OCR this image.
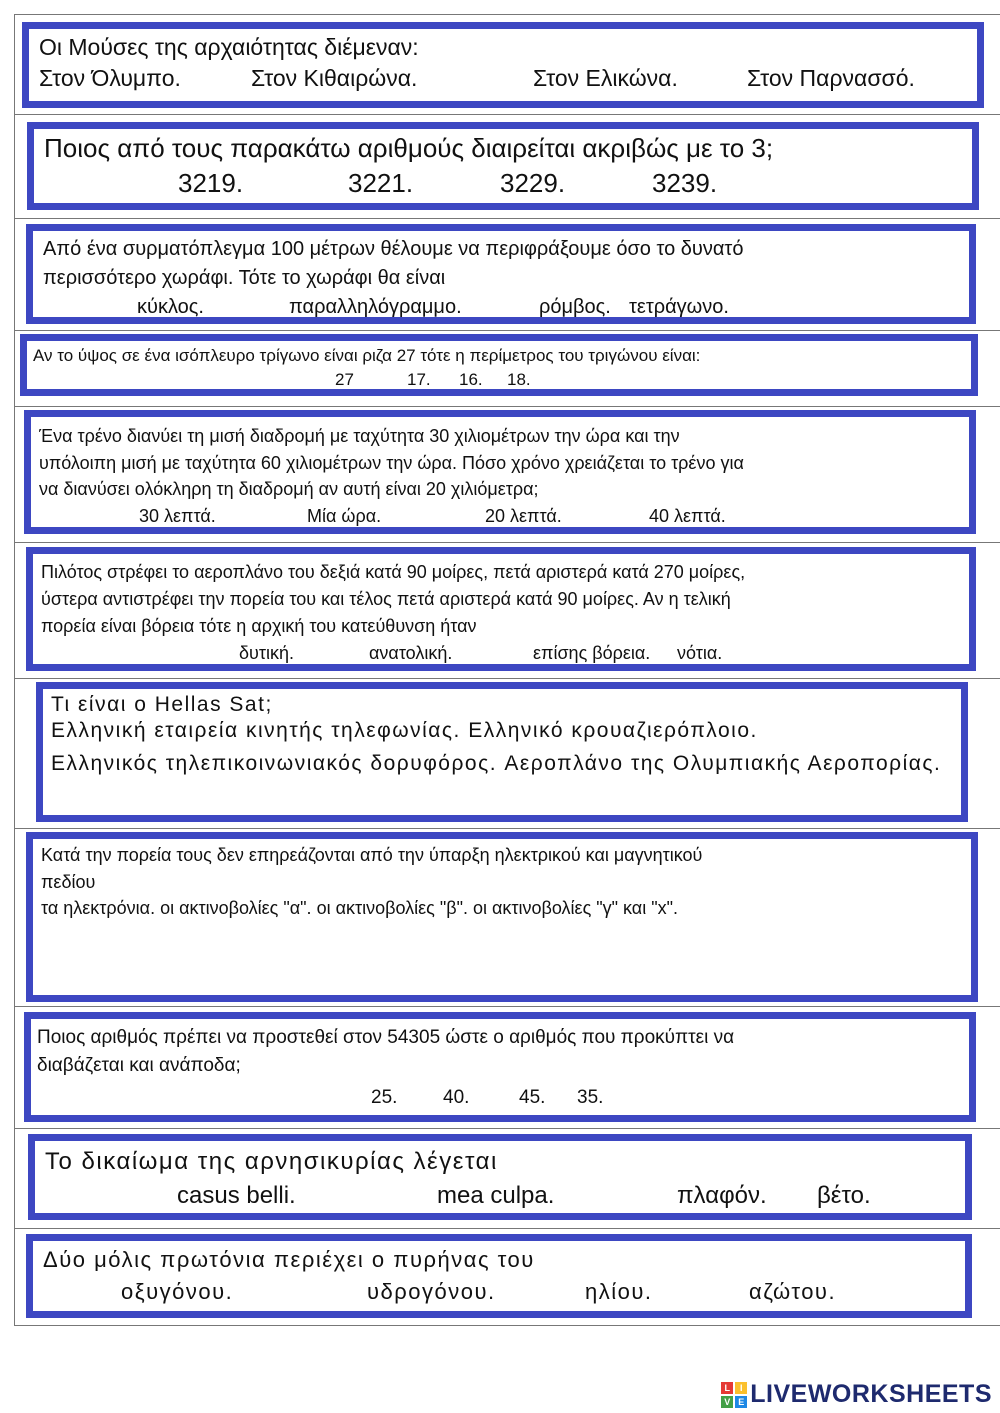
Οι Μούσες της αρχαιότητας διέμεναν:
Στον Όλυμπο.	Στον Κιθαιρώνα.	Στον Ελικώνα.	Στον Παρνασσό.
Ποιος από τους παρακάτω αριθμούς διαιρείται ακριβώς με το 3;
3219.	3221.	3229.	3239.
Από ένα συρματόπλεγμα 100 μέτρων θέλουμε να περιφράξουμε όσο το δυνατό
περισσότερο χωράφι. Τότε το χωράφι θα είναι
κύκλος.	παραλληλόγραμμο.	ρόμβος. τετράγωνο.
Αν το ύψος σε ένα ισόπλευρο τρίγωνο είναι ριζα 27 τότε η περίμετρος του τριγώνου είναι:
27	17.	16.	18.
Ένα τρένο διανύει τη μισή διαδρομή με ταχύτητα 30 χιλιομέτρων την ώρα και την
υπόλοιπη μισή με ταχύτητα 60 χιλιομέτρων την ώρα. Πόσο χρόνο χρειάζεται το τρένο για
να διανύσει ολόκληρη τη διαδρομή αν αυτή είναι 20 χιλιόμετρα;
30 λεπτά.	Μία ώρα.	20 λεπτά.	40 λεπτά.
Πιλότος στρέφει το αεροπλάνο του δεξιά κατά 90 μοίρες, πετά αριστερά κατά 270 μοίρες,
ύστερα αντιστρέφει την πορεία του και τέλος πετά αριστερά κατά 90 μοίρες. Αν η τελική
πορεία είναι βόρεια τότε η αρχική του κατεύθυνση ήταν
δυτική.	ανατολική.	επίσης βόρεια.	νότια.
Τι είναι ο Hellas Sat;
Ελληνική εταιρεία κινητής τηλεφωνίας. Ελληνικό κρουαζιερόπλοιο. Ελληνικός τηλεπικοινωνιακός δορυφόρος. Αεροπλάνο της Ολυμπιακής Αεροπορίας.
Κατά την πορεία τους δεν επηρεάζονται από την ύπαρξη ηλεκτρικού και μαγνητικού
πεδίου
τα ηλεκτρόνια. οι ακτινοβολίες "α". οι ακτινοβολίες "β". οι ακτινοβολίες "γ" και "x".
Ποιος αριθμός πρέπει να προστεθεί στον 54305 ώστε ο αριθμός που προκύπτει να
διαβάζεται και ανάποδα;
25.	40.	45.	35.
Το δικαίωμα της αρνησικυρίας λέγεται
casus belli.	mea culpa.	πλαφόν.	βέτο.
Δύο μόλις πρωτόνια περιέχει ο πυρήνας του
οξυγόνου.	υδρογόνου.	ηλίου.	αζώτου.
L	I
V E LIVEWORKSHEETS
